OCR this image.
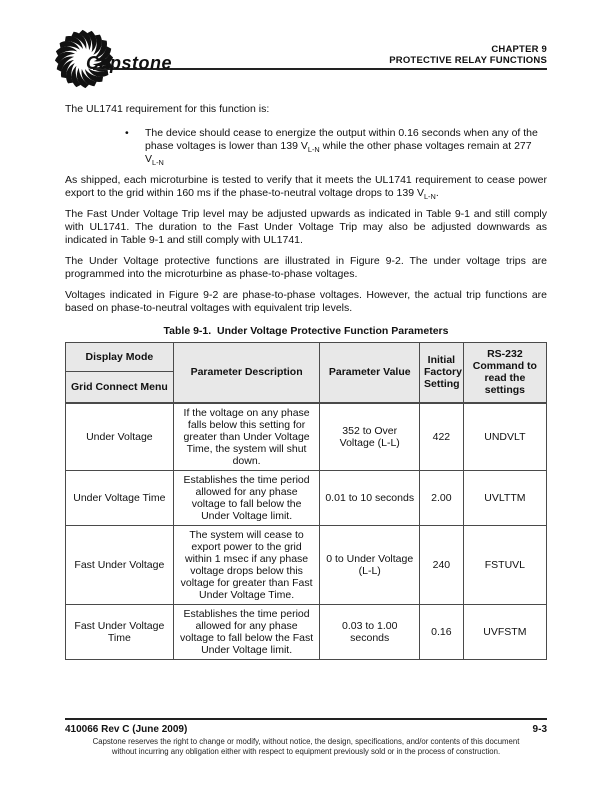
Capstone
CHAPTER 9
PROTECTIVE RELAY FUNCTIONS

The UL1741 requirement for this function is:

•	The device should cease to energize the output within 0.16 seconds when any of the phase voltages is lower than 139 $V_{L-N}$ while the other phase voltages remain at 277 $V_{L-N}$

As shipped, each microturbine is tested to verify that it meets the UL1741 requirement to cease power export to the grid within 160 ms if the phase-to-neutral voltage drops to 139 $V_{L-N}$.

The Fast Under Voltage Trip level may be adjusted upwards as indicated in Table 9-1 and still comply with UL1741. The duration to the Fast Under Voltage Trip may also be adjusted downwards as indicated in Table 9-1 and still comply with UL1741.

The Under Voltage protective functions are illustrated in Figure 9-2. The under voltage trips are programmed into the microturbine as phase-to-phase voltages.

Voltages indicated in Figure 9-2 are phase-to-phase voltages. However, the actual trip functions are based on phase-to-neutral voltages with equivalent trip levels.

Table 9-1.  Under Voltage Protective Function Parameters
Display Mode	Parameter Description	Parameter Value	Initial Factory Setting	RS-232 Command to read the settings
Grid Connect Menu				
Under Voltage	If the voltage on any phase falls below this setting for greater than Under Voltage Time, the system will shut down.	352 to Over Voltage (L-L)	422	UNDVLT
Under Voltage Time	Establishes the time period allowed for any phase voltage to fall below the Under Voltage limit.	0.01 to 10 seconds	2.00	UVLTTM
Fast Under Voltage	The system will cease to export power to the grid within 1 msec if any phase voltage drops below this voltage for greater than Fast Under Voltage Time.	0 to Under Voltage (L-L)	240	FSTUVL
Fast Under Voltage Time	Establishes the time period allowed for any phase voltage to fall below the Fast Under Voltage limit.	0.03 to 1.00 seconds	0.16	UVFSTM
410066 Rev C (June 2009)	9-3
Capstone reserves the right to change or modify, without notice, the design, specifications, and/or contents of this document without incurring any obligation either with respect to equipment previously sold or in the process of construction.
